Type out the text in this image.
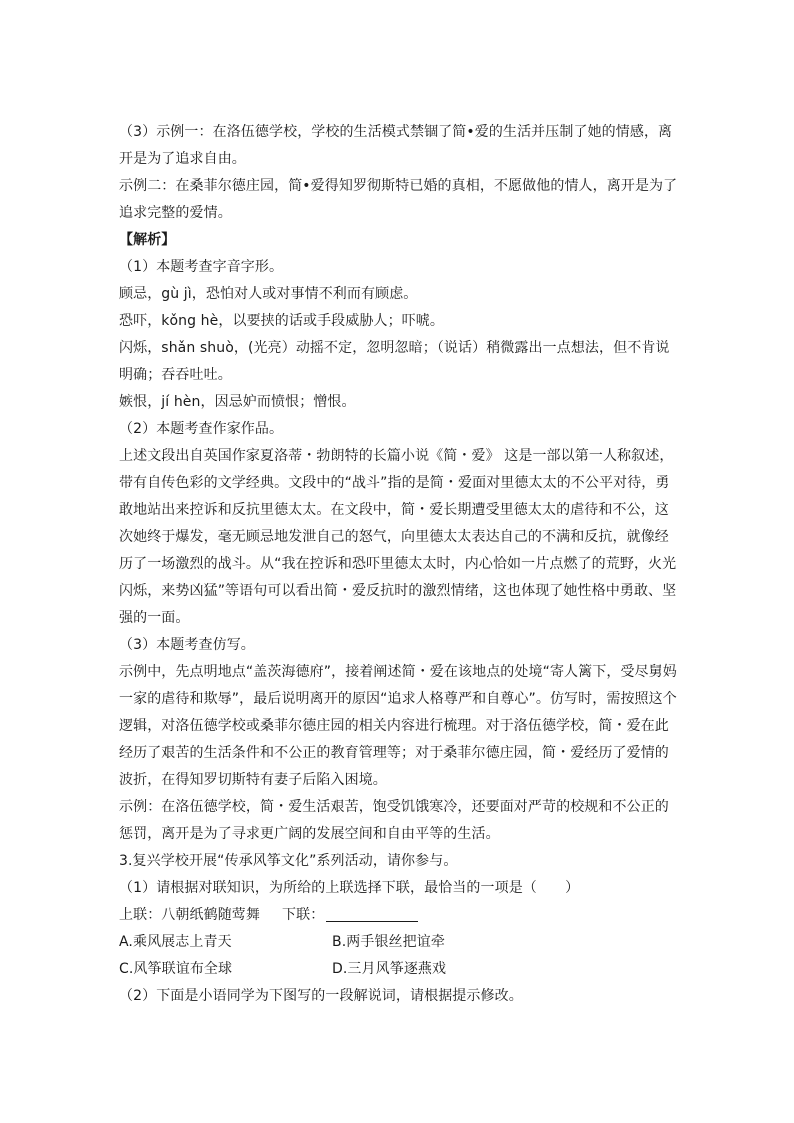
（3）示例一：在洛伍德学校，学校的生活模式禁锢了简•爱的生活并压制了她的情感，离开是为了追求自由。

示例二：在桑菲尔德庄园，简•爱得知罗彻斯特已婚的真相，不愿做他的情人，离开是为了追求完整的爱情。

【解析】

（1）本题考查字音字形。

顾忌，gù jì，恐怕对人或对事情不利而有顾虑。

恐吓，kǒng hè，以要挟的话或手段威胁人；吓唬。

闪烁，shǎn shuò，(光亮）动摇不定，忽明忽暗；（说话）稍微露出一点想法，但不肯说明确；吞吞吐吐。

嫉恨，jí hèn，因忌妒而愤恨；憎恨。

（2）本题考查作家作品。

上述文段出自英国作家夏洛蒂・勃朗特的长篇小说《简・爱》 这是一部以第一人称叙述，带有自传色彩的文学经典。文段中的“战斗”指的是简・爱面对里德太太的不公平对待，勇敢地站出来控诉和反抗里德太太。在文段中，简・爱长期遭受里德太太的虐待和不公，这次她终于爆发，毫无顾忌地发泄自己的怒气，向里德太太表达自己的不满和反抗，就像经历了一场激烈的战斗。从“我在控诉和恐吓里德太太时，内心恰如一片点燃了的荒野，火光闪烁，来势凶猛”等语句可以看出简・爱反抗时的激烈情绪，这也体现了她性格中勇敢、坚强的一面。

（3）本题考查仿写。

示例中，先点明地点“盖茨海德府”，接着阐述简・爱在该地点的处境“寄人篱下，受尽舅妈一家的虐待和欺辱”，最后说明离开的原因“追求人格尊严和自尊心”。仿写时，需按照这个逻辑，对洛伍德学校或桑菲尔德庄园的相关内容进行梳理。对于洛伍德学校，简・爱在此经历了艰苦的生活条件和不公正的教育管理等；对于桑菲尔德庄园，简・爱经历了爱情的波折，在得知罗切斯特有妻子后陷入困境。

示例：在洛伍德学校，简・爱生活艰苦，饱受饥饿寒冷，还要面对严苛的校规和不公正的惩罚，离开是为了寻求更广阔的发展空间和自由平等的生活。

3.复兴学校开展“传承风筝文化”系列活动，请你参与。

（1）请根据对联知识，为所给的上联选择下联，最恰当的一项是（　　）

上联：八朝纸鹤随莺舞 下联：

A.乘风展志上青天	B.两手银丝把谊牵
C.风筝联谊布全球	D.三月风筝逐燕戏

（2）下面是小语同学为下图写的一段解说词，请根据提示修改。
